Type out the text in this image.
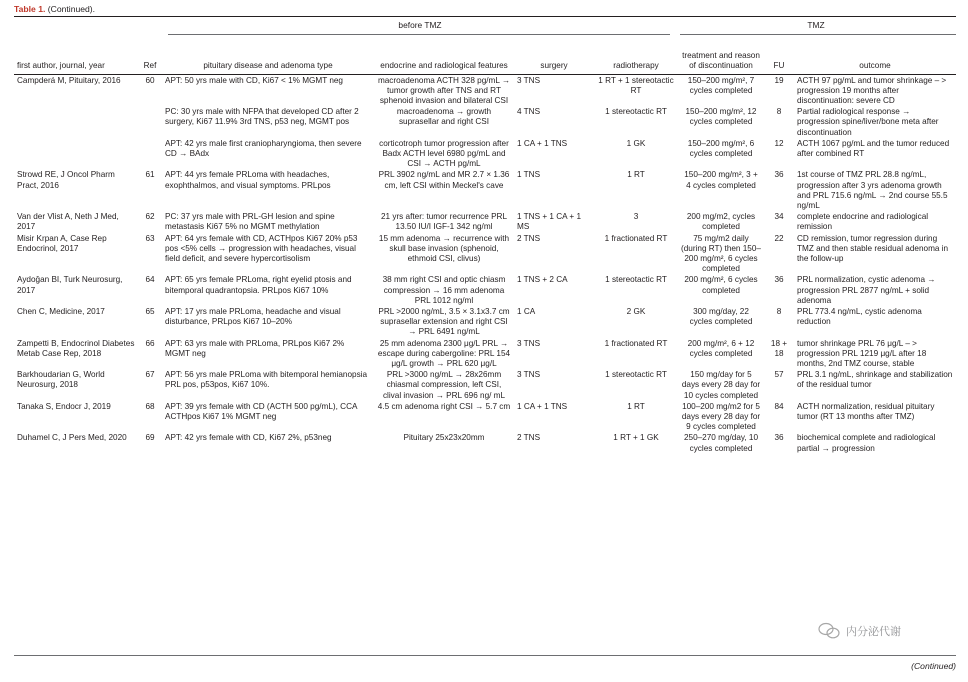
Table 1. (Continued).
before TMZ	TMZ
first author, journal, year	Ref	pituitary disease and adenoma type	endocrine and radiological features	surgery	radiotherapy	treatment and reason of discontinuation	FU	outcome
Campderá M, Pituitary, 2016	60	APT: 50 yrs male with CD, Ki67 < 1% MGMT neg	macroadenoma ACTH 328 pg/mL → tumor growth after TNS and RT sphenoid invasion and bilateral CSI	3 TNS	1 RT + 1 stereotactic RT	150–200 mg/m², 7 cycles completed	19	ACTH 97 pg/mL and tumor shrinkage – > progression 19 months after discontinuation: severe CD
		PC: 30 yrs male with NFPA that developed CD after 2 surgery, Ki67 11.9% 3rd TNS, p53 neg, MGMT pos	macroadenoma → growth suprasellar and right CSI	4 TNS	1 stereotactic RT	150–200 mg/m², 12 cycles completed	8	Partial radiological response → progression spine/liver/bone meta after discontinuation
		APT: 42 yrs male first craniopharyngioma, then severe CD → BAdx	corticotroph tumor progression after Badx ACTH level 6980 pg/mL and CSI → ACTH pg/mL	1 CA + 1 TNS	1 GK	150–200 mg/m², 6 cycles completed	12	ACTH 1067 pg/mL and the tumor reduced after combined RT
Strowd RE, J Oncol Pharm Pract, 2016	61	APT: 44 yrs female PRLoma with headaches, exophthalmos, and visual symptoms. PRLpos	PRL 3902 ng/mL and MR 2.7 × 1.36 cm, left CSI within Meckel's cave	1 TNS	1 RT	150–200 mg/m², 3 + 4 cycles completed	36	1st course of TMZ PRL 28.8 ng/mL, progression after 3 yrs adenoma growth and PRL 715.6 ng/mL → 2nd course 55.5 ng/mL
Van der Vlist A, Neth J Med, 2017	62	PC: 37 yrs male with PRL-GH lesion and spine metastasis Ki67 5% no MGMT methylation	21 yrs after: tumor recurrence PRL 13.50 IU/I IGF-1 342 ng/ml	1 TNS + 1 CA + 1 MS	3	200 mg/m2, cycles completed	34	complete endocrine and radiological remission
Misir Krpan A, Case Rep Endocrinol, 2017	63	APT: 64 yrs female with CD, ACTHpos Ki67 20% p53 pos <5% cells → progression with headaches, visual field deficit, and severe hypercortisolism	15 mm adenoma → recurrence with skull base invasion (sphenoid, ethmoid CSI, clivus)	2 TNS	1 fractionated RT	75 mg/m2 daily (during RT) then 150–200 mg/m², 6 cycles completed	22	CD remission, tumor regression during TMZ and then stable residual adenoma in the follow-up
Aydoğan BI, Turk Neurosurg, 2017	64	APT: 65 yrs female PRLoma, right eyelid ptosis and bitemporal quadrantopsia. PRLpos Ki67 10%	38 mm right CSI and optic chiasm compression → 16 mm adenoma PRL 1012 ng/ml	1 TNS + 2 CA	1 stereotactic RT	200 mg/m², 6 cycles completed	36	PRL normalization, cystic adenoma → progression PRL 2877 ng/mL + solid adenoma
Chen C, Medicine, 2017	65	APT: 17 yrs male PRLoma, headache and visual disturbance, PRLpos Ki67 10–20%	PRL >2000 ng/mL, 3.5 × 3.1x3.7 cm suprasellar extension and right CSI → PRL 6491 ng/mL	1 CA	2 GK	300 mg/day, 22 cycles completed	8	PRL 773.4 ng/mL, cystic adenoma reduction
Zampetti B, Endocrinol Diabetes Metab Case Rep, 2018	66	APT: 63 yrs male with PRLoma, PRLpos Ki67 2% MGMT neg	25 mm adenoma 2300 μg/L PRL → escape during cabergoline: PRL 154 μg/L growth → PRL 620 μg/L	3 TNS	1 fractionated RT	200 mg/m², 6 + 12 cycles completed	18 + 18	tumor shrinkage PRL 76 μg/L – > progression PRL 1219 μg/L after 18 months, 2nd TMZ course, stable
Barkhoudarian G, World Neurosurg, 2018	67	APT: 56 yrs male PRLoma with bitemporal hemianopsia PRL pos, p53pos, Ki67 10%.	PRL >3000 ng/mL → 28x26mm chiasmal compression, left CSI, clival invasion → PRL 696 ng/ mL	3 TNS	1 stereotactic RT	150 mg/day for 5 days every 28 day for 10 cycles completed	57	PRL 3.1 ng/mL, shrinkage and stabilization of the residual tumor
Tanaka S, Endocr J, 2019	68	APT: 39 yrs female with CD (ACTH 500 pg/mL), CCA ACTHpos Ki67 1% MGMT neg	4.5 cm adenoma right CSI → 5.7 cm	1 CA + 1 TNS	1 RT	100–200 mg/m2 for 5 days every 28 day for 9 cycles completed	84	ACTH normalization, residual pituitary tumor (RT 13 months after TMZ)
Duhamel C, J Pers Med, 2020	69	APT: 42 yrs female with CD, Ki67 2%, p53neg	Pituitary 25x23x20mm	2 TNS	1 RT + 1 GK	250–270 mg/day, 10 cycles completed	36	biochemical complete and radiological partial → progression
(Continued)
内分泌代谢
